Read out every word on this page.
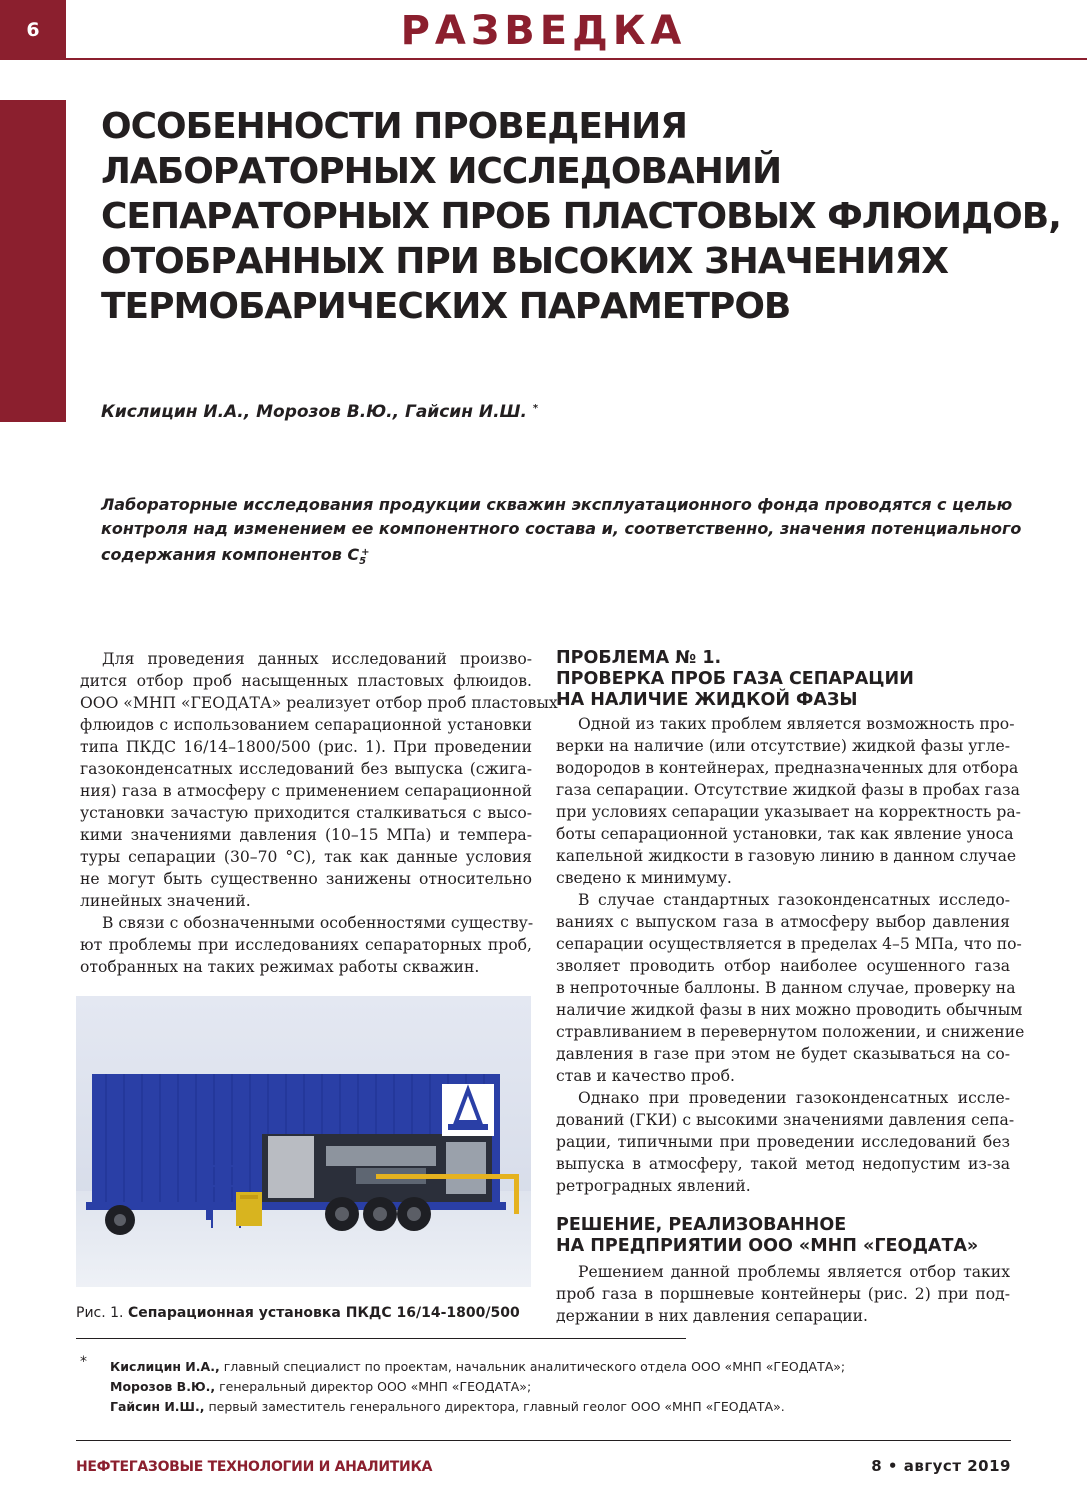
6	РАЗВЕДКА
ОСОБЕННОСТИ ПРОВЕДЕНИЯ
ЛАБОРАТОРНЫХ ИССЛЕДОВАНИЙ
СЕПАРАТОРНЫХ ПРОБ ПЛАСТОВЫХ ФЛЮИДОВ,
ОТОБРАННЫХ ПРИ ВЫСОКИХ ЗНАЧЕНИЯХ
ТЕРМОБАРИЧЕСКИХ ПАРАМЕТРОВ
Кислицин И.А., Морозов В.Ю., Гайсин И.Ш. *
Лабораторные исследования продукции скважин эксплуатационного фонда проводятся с целью
контроля над изменением ее компонентного состава и, соответственно, значения потенциального
содержания компонентов $C_5^+$
Для проведения данных исследований произво-
дится отбор проб насыщенных пластовых флюидов.
ООО «МНП «ГЕОДАТА» реализует отбор проб пластовых
флюидов с использованием сепарационной установки
типа ПКДС 16/14–1800/500 (рис. 1). При проведении
газоконденсатных исследований без выпуска (сжига-
ния) газа в атмосферу с применением сепарационной
установки зачастую приходится сталкиваться с высо-
кими значениями давления (10–15 МПа) и темпера-
туры сепарации (30–70 °С), так как данные условия
не могут быть существенно занижены относительно
линейных значений.
В связи с обозначенными особенностями существу-
ют проблемы при исследованиях сепараторных проб,
отобранных на таких режимах работы скважин.
Рис. 1. Сепарационная установка ПКДС 16/14-1800/500
ПРОБЛЕМА № 1.
ПРОВЕРКА ПРОБ ГАЗА СЕПАРАЦИИ
НА НАЛИЧИЕ ЖИДКОЙ ФАЗЫ
Одной из таких проблем является возможность про-
верки на наличие (или отсутствие) жидкой фазы угле-
водородов в контейнерах, предназначенных для отбора
газа сепарации. Отсутствие жидкой фазы в пробах газа
при условиях сепарации указывает на корректность ра-
боты сепарационной установки, так как явление уноса
капельной жидкости в газовую линию в данном случае
сведено к минимуму.
В случае стандартных газоконденсатных исследо-
ваниях с выпуском газа в атмосферу выбор давления
сепарации осуществляется в пределах 4–5 МПа, что по-
зволяет проводить отбор наиболее осушенного газа
в непроточные баллоны. В данном случае, проверку на
наличие жидкой фазы в них можно проводить обычным
стравливанием в перевернутом положении, и снижение
давления в газе при этом не будет сказываться на со-
став и качество проб.
Однако при проведении газоконденсатных иссле-
дований (ГКИ) с высокими значениями давления сепа-
рации, типичными при проведении исследований без
выпуска в атмосферу, такой метод недопустим из-за
ретроградных явлений.
РЕШЕНИЕ, РЕАЛИЗОВАННОЕ
НА ПРЕДПРИЯТИИ ООО «МНП «ГЕОДАТА»
Решением данной проблемы является отбор таких
проб газа в поршневые контейнеры (рис. 2) при под-
держании в них давления сепарации.
* Кислицин И.А., главный специалист по проектам, начальник аналитического отдела ООО «МНП «ГЕОДАТА»;
Морозов В.Ю., генеральный директор ООО «МНП «ГЕОДАТА»;
Гайсин И.Ш., первый заместитель генерального директора, главный геолог ООО «МНП «ГЕОДАТА».
НЕФТЕГАЗОВЫЕ ТЕХНОЛОГИИ И АНАЛИТИКА	8 • август 2019
